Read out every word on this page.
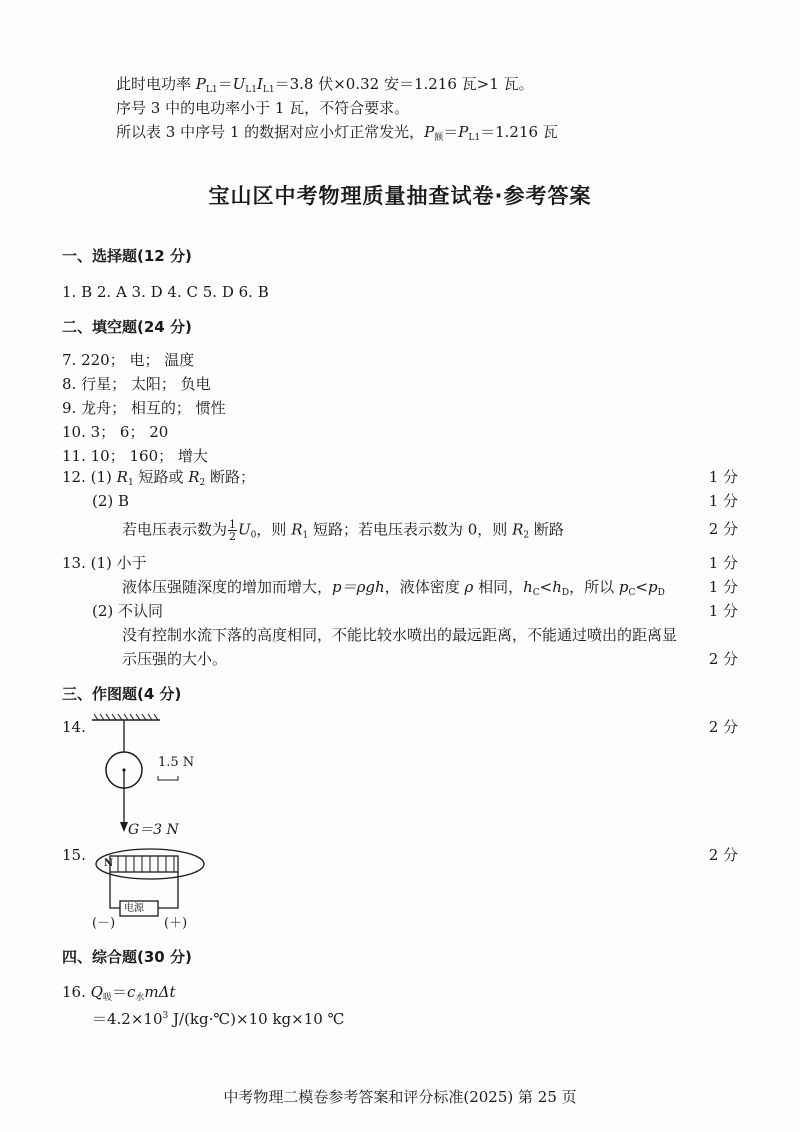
此时电功率 $P_{L1}=U_{L1}I_{L1}=3.8$ 伏×0.32 安＝1.216 瓦>1 瓦。
序号 3 中的电功率小于 1 瓦，不符合要求。
所以表 3 中序号 1 的数据对应小灯正常发光，$P_额=P_{L1}=1.216$ 瓦
宝山区中考物理质量抽查试卷·参考答案
一、选择题(12 分)
1. B 2. A 3. D 4. C 5. D 6. B
二、填空题(24 分)
7. 220； 电； 温度
8. 行星； 太阳； 负电
9. 龙舟； 相互的； 惯性
10. 3； 6； 20
11. 10； 160； 增大
12. (1) $R_1$ 短路或 $R_2$ 断路；	1 分
(2) B	1 分
若电压表示数为 $\frac{1}{2} U_0$，则 $R_1$ 短路；若电压表示数为 0，则 $R_2$ 断路	2 分
13. (1) 小于	1 分
液体压强随深度的增加而增大，p＝ρgh，液体密度 ρ 相同，$h_C<h_D$，所以 $p_C<p_D$	1 分
(2) 不认同	1 分
没有控制水流下落的高度相同，不能比较水喷出的最远距离，不能通过喷出的距离显
示压强的大小。	2 分
三、作图题(4 分)
14.	2 分
1.5 N
G＝3 N
15.	2 分
N
电源
(－)	(＋)
四、综合题(30 分)
16. $Q_吸=c_水m\Delta t$
$=4.2\times 10^3$ J/(kg·℃)×10 kg×10 ℃
中考物理二模卷参考答案和评分标准(2025) 第 25 页
